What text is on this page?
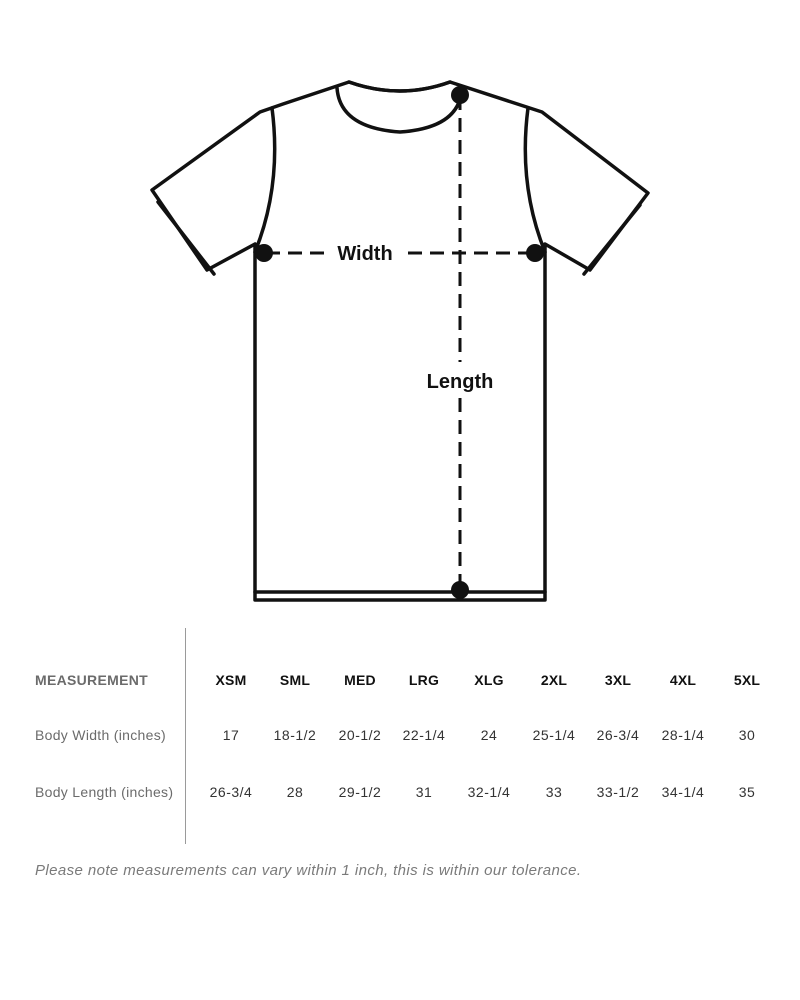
Width
Length
MEASUREMENT	XSM	SML	MED	LRG	XLG	2XL	3XL	4XL	5XL
Body Width (inches)	17	18-1/2	20-1/2	22-1/4	24	25-1/4	26-3/4	28-1/4	30
Body Length (inches)	26-3/4	28	29-1/2	31	32-1/4	33	33-1/2	34-1/4	35
Please note measurements can vary within 1 inch, this is within our tolerance.
